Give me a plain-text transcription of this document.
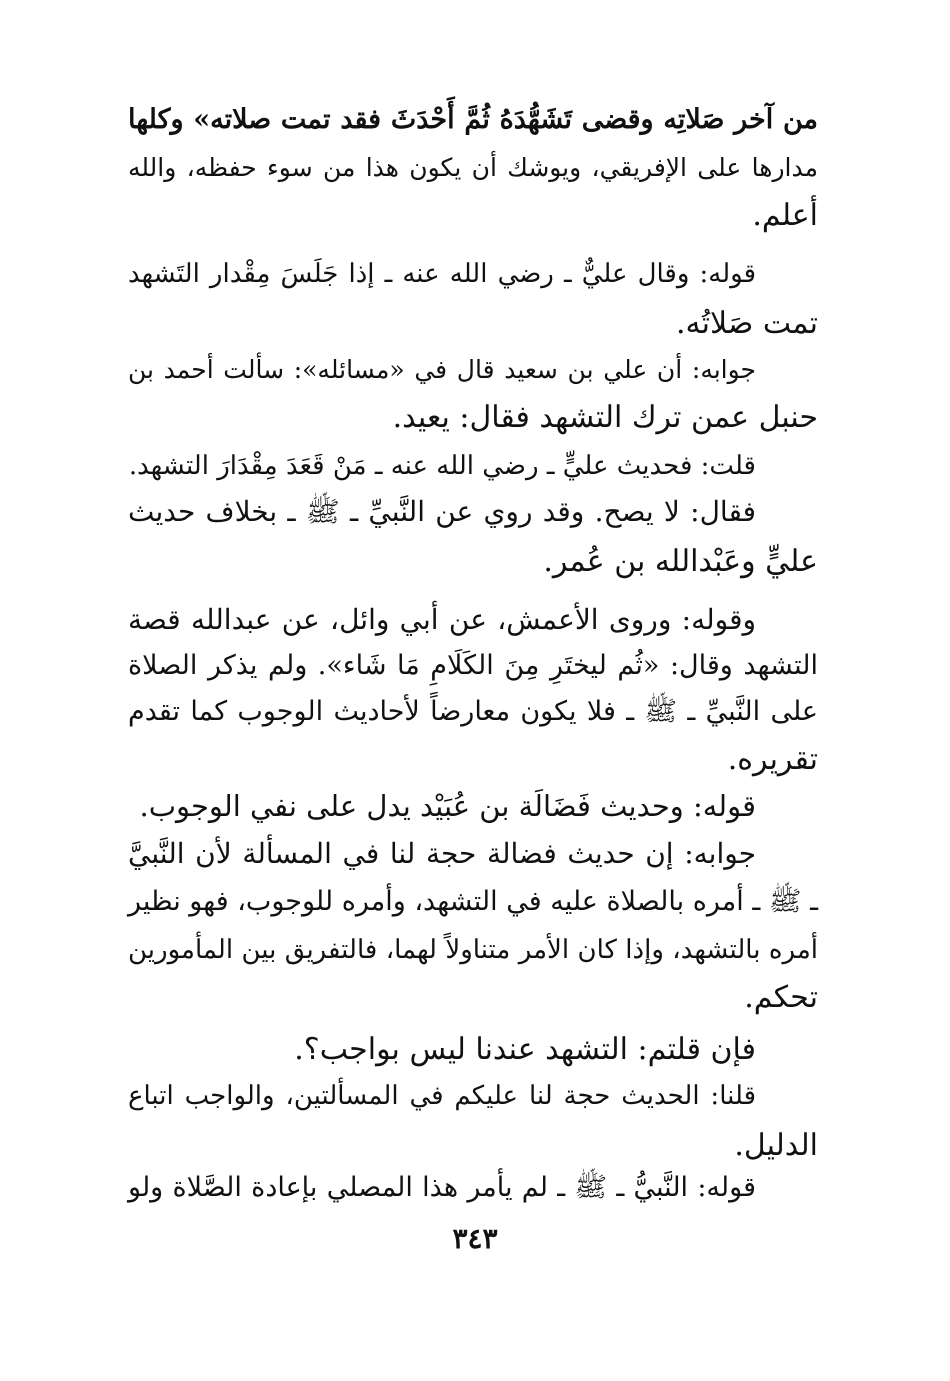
من آخر صَلاتِه وقضى تَشَهُّدَهُ ثُمَّ أَحْدَثَ فقد تمت صلاته» وكلها
مدارها على الإفريقي، ويوشك أن يكون هذا من سوء حفظه، والله
أعلم.
قوله: وقال عليٌّ ـ رضي الله عنه ـ إذا جَلَسَ مِقْدار التَشهد
تمت صَلاتُه.
جوابه: أن علي بن سعيد قال في «مسائله»: سألت أحمد بن
حنبل عمن ترك التشهد فقال: يعيد.
قلت: فحديث عليٍّ ـ رضي الله عنه ـ مَنْ قَعَدَ مِقْدَارَ التشهد.
فقال: لا يصح. وقد روي عن النَّبيِّ ـ ﷺ ـ بخلاف حديث
عليٍّ وعَبْدالله بن عُمر.
وقوله: وروى الأعمش، عن أبي وائل، عن عبدالله قصة
التشهد وقال: «ثُم ليختَرِ مِنَ الكَلَامِ مَا شَاء». ولم يذكر الصلاة
على النَّبيِّ ـ ﷺ ـ فلا يكون معارضاً لأحاديث الوجوب كما تقدم
تقريره.
قوله: وحديث فَضَالَة بن عُبَيْد يدل على نفي الوجوب.
جوابه: إن حديث فضالة حجة لنا في المسألة لأن النَّبيَّ
ـ ﷺ ـ أمره بالصلاة عليه في التشهد، وأمره للوجوب، فهو نظير
أمره بالتشهد، وإذا كان الأمر متناولاً لهما، فالتفريق بين المأمورين
تحكم.
فإن قلتم: التشهد عندنا ليس بواجب؟.
قلنا: الحديث حجة لنا عليكم في المسألتين، والواجب اتباع
الدليل.
قوله: النَّبيُّ ـ ﷺ ـ لم يأمر هذا المصلي بإعادة الصَّلاة ولو
٣٤٣
